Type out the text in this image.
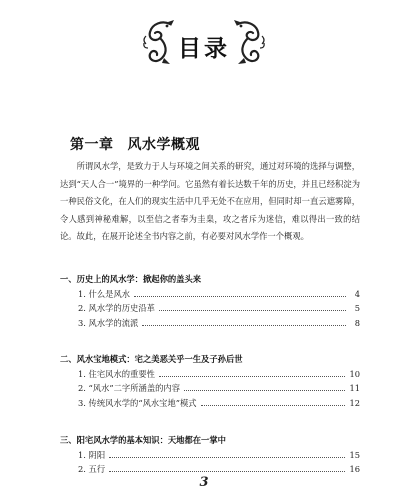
目录
第一章 风水学概观
所谓风水学，是致力于人与环境之间关系的研究，通过对环境的选择与调整，达到“天人合一”境界的一种学问。它虽然有着长达数千年的历史，并且已经积淀为一种民俗文化，在人们的现实生活中几乎无处不在应用，但同时却一直云遮雾障，令人感到神秘难解，以至信之者奉为圭臬，攻之者斥为迷信，难以得出一致的结论。故此，在展开论述全书内容之前，有必要对风水学作一个概观。
一、历史上的风水学：掀起你的盖头来
1. 什么是风水	4
2. 风水学的历史沿革	5
3. 风水学的流派	8
二、风水宝地模式：宅之美恶关乎一生及子孙后世
1. 住宅风水的重要性	10
2. “风水”二字所涵盖的内容	11
3. 传统风水学的“风水宝地”模式	12
三、阳宅风水学的基本知识：天地都在一掌中
1. 阴阳	15
2. 五行	16
3
